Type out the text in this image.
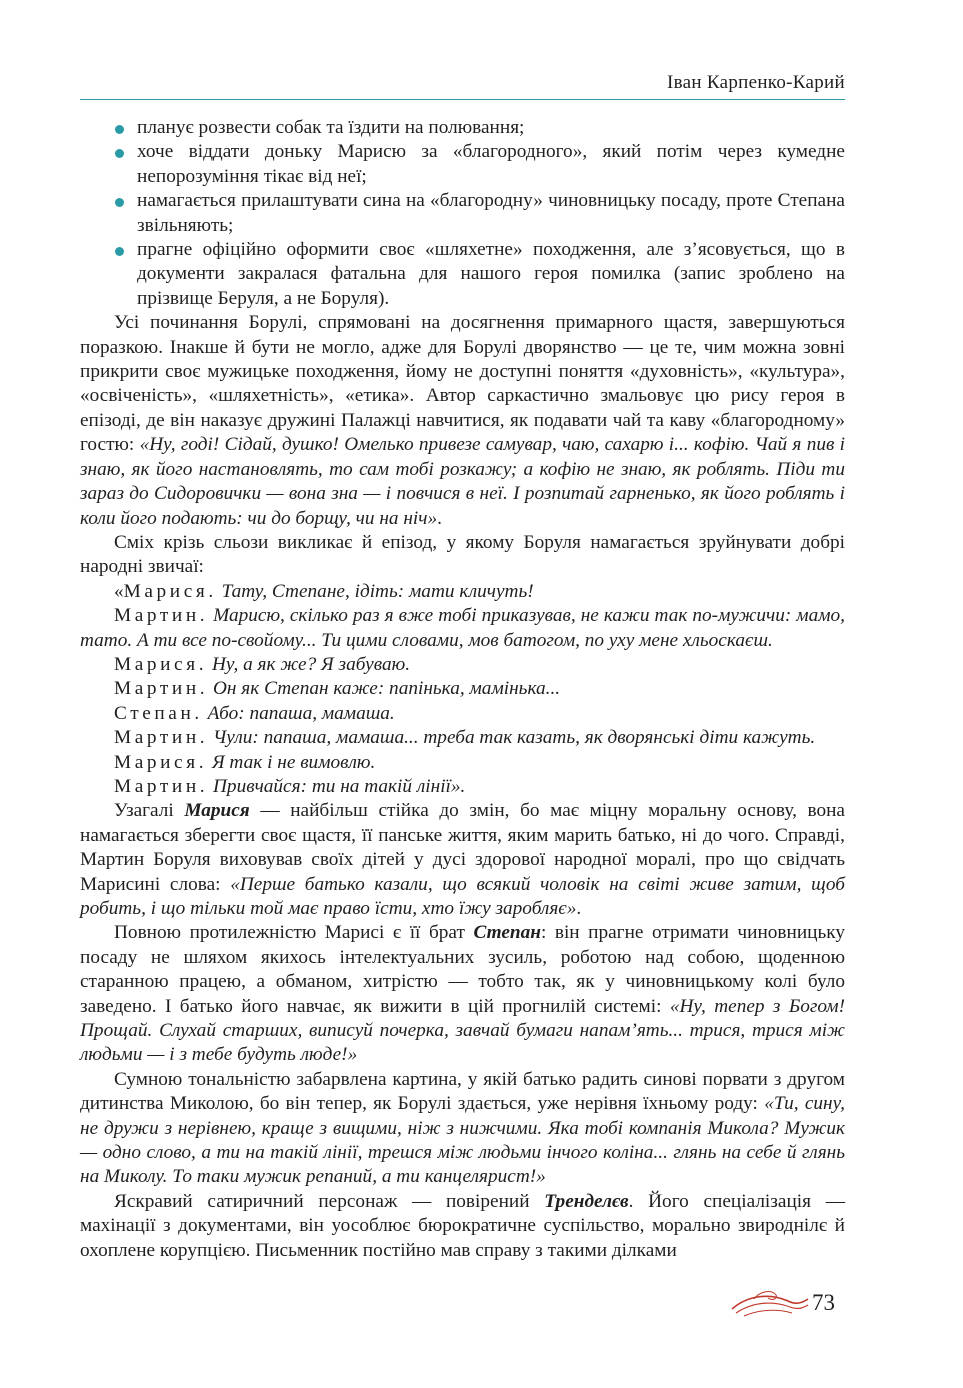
Іван Карпенко-Карий
планує розвести собак та їздити на полювання;
хоче віддати доньку Марисю за «благородного», який потім через кумедне непорозуміння тікає від неї;
намагається прилаштувати сина на «благородну» чиновницьку посаду, проте Степана звільняють;
прагне офіційно оформити своє «шляхетне» походження, але з’ясовується, що в документи закралася фатальна для нашого героя помилка (запис зроблено на прізвище Беруля, а не Боруля).

Усі починання Борулі, спрямовані на досягнення примарного щастя, завершуються поразкою. Інакше й бути не могло, адже для Борулі дворянство — це те, чим можна зовні прикрити своє мужицьке походження, йому не доступні поняття «духовність», «культура», «освіченість», «шляхетність», «етика». Автор саркастично змальовує цю рису героя в епізоді, де він наказує дружині Палажці навчитися, як подавати чай та каву «благородному» гостю: «Ну, годі! Сідай, душко! Омелько привезе самувар, чаю, сахарю і... кофію. Чай я пив і знаю, як його настановлять, то сам тобі розкажу; а кофію не знаю, як роблять. Піди ти зараз до Сидоровички — вона зна — і повчися в неї. І розпитай гарненько, як його роблять і коли його подають: чи до борщу, чи на ніч».

Сміх крізь сльози викликає й епізод, у якому Боруля намагається зруйнувати добрі народні звичаї:

«Марися. Тату, Степане, ідіть: мати кличуть!

Мартин. Марисю, скілько раз я вже тобі приказував, не кажи так по-мужичи: мамо, тато. А ти все по-свойому... Ти цими словами, мов батогом, по уху мене хльоскаєш.

Марися. Ну, а як же? Я забуваю.

Мартин. Он як Степан каже: папінька, мамінька...

Степан. Або: папаша, мамаша.

Мартин. Чули: папаша, мамаша... треба так казать, як дворянські діти кажуть.

Марися. Я так і не вимовлю.

Мартин. Привчайся: ти на такій лінії».

Узагалі Марися — найбільш стійка до змін, бо має міцну моральну основу, вона намагається зберегти своє щастя, її панське життя, яким марить батько, ні до чого. Справді, Мартин Боруля виховував своїх дітей у дусі здорової народної моралі, про що свідчать Марисині слова: «Перше батько казали, що всякий чоловік на світі живе затим, щоб робить, і що тільки той має право їсти, хто їжу заробляє».

Повною протилежністю Марисі є її брат Степан: він прагне отримати чиновницьку посаду не шляхом якихось інтелектуальних зусиль, роботою над собою, щоденною старанною працею, а обманом, хитрістю — тобто так, як у чиновницькому колі було заведено. І батько його навчає, як вижити в цій прогнилій системі: «Ну, тепер з Богом! Прощай. Слухай старших, виписуй почерка, завчай бумаги напам’ять... трися, трися між людьми — і з тебе будуть люде!»

Сумною тональністю забарвлена картина, у якій батько радить синові порвати з другом дитинства Миколою, бо він тепер, як Борулі здається, уже нерівня їхньому роду: «Ти, сину, не дружи з нерівнею, краще з вищими, ніж з нижчими. Яка тобі компанія Микола? Мужик — одно слово, а ти на такій лінії, трешся між людьми інчого коліна... глянь на себе й глянь на Миколу. То таки мужик репаний, а ти канцелярист!»

Яскравий сатиричний персонаж — повірений Тренделєв. Його спеціалізація — махінації з документами, він уособлює бюрократичне суспільство, морально звироднілє й охоплене корупцією. Письменник постійно мав справу з такими ділками

73
